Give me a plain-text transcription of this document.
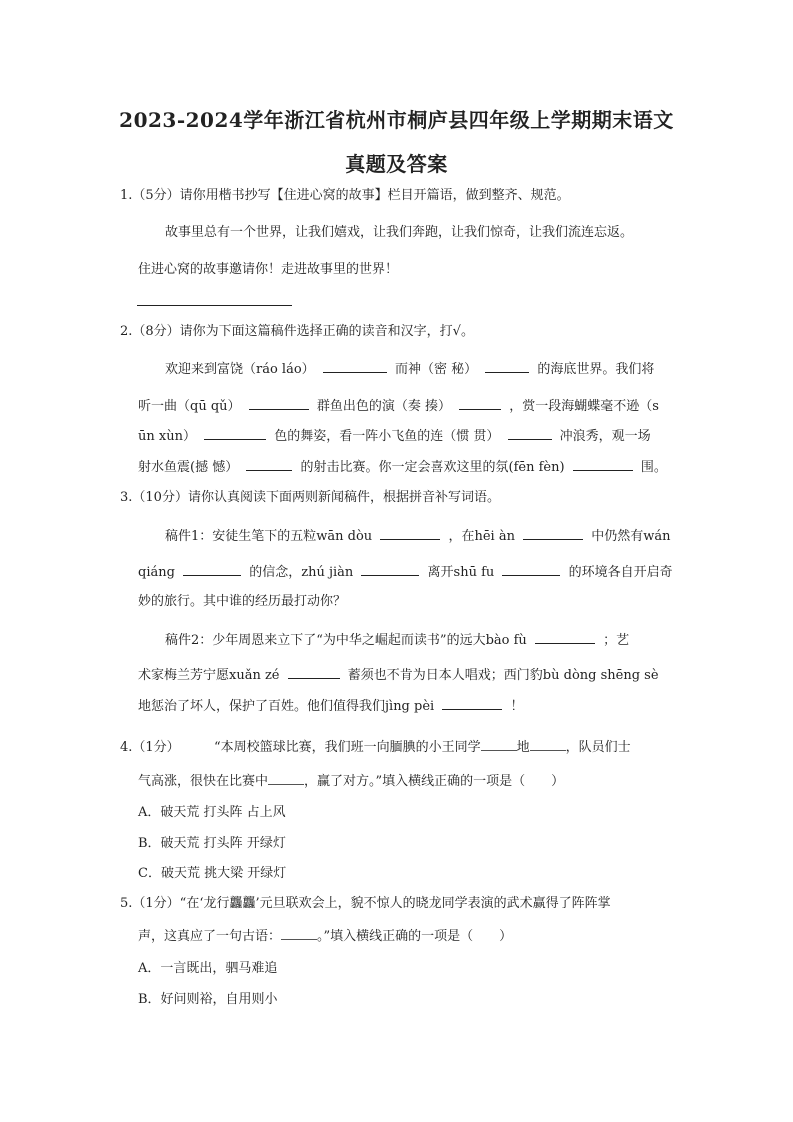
2023-2024学年浙江省杭州市桐庐县四年级上学期期末语文
真题及答案
1.（5分）请你用楷书抄写【住进心窝的故事】栏目开篇语，做到整齐、规范。
故事里总有一个世界，让我们嬉戏，让我们奔跑，让我们惊奇，让我们流连忘返。
住进心窝的故事邀请你！走进故事里的世界！
2.（8分）请你为下面这篇稿件选择正确的读音和汉字，打√。
欢迎来到富饶（ráo láo）	而神（密 秘）	的海底世界。我们将
听一曲（qū qǔ）	群鱼出色的演（奏 揍）	，赏一段海蝴蝶毫不逊（s
ūn xùn）	色的舞姿，看一阵小飞鱼的连（惯 贯）	冲浪秀，观一场
射水鱼震(撼 憾）	的射击比赛。你一定会喜欢这里的氛(fēn fèn)	围。
3.（10分）请你认真阅读下面两则新闻稿件，根据拼音补写词语。
稿件1：安徒生笔下的五粒wān dòu	，在hēi àn	中仍然有wán
qiáng	的信念，zhú jiàn	离开shū fu	的环境各自开启奇
妙的旅行。其中谁的经历最打动你？
稿件2：少年周恩来立下了“为中华之崛起而读书”的远大bào fù	；艺
术家梅兰芳宁愿xuǎn zé	蓄须也不肯为日本人唱戏；西门豹bù dòng shēng sè
地惩治了坏人，保护了百姓。他们值得我们jìng pèi	！
4.（1分）	“本周校篮球比赛，我们班一向腼腆的小王同学	地	，队员们士
气高涨，很快在比赛中	，赢了对方。”填入横线正确的一项是（　　）
A．破天荒 打头阵 占上风
B．破天荒 打头阵 开绿灯
C．破天荒 挑大梁 开绿灯
5.（1分）“在‘龙行龘龘’元旦联欢会上，貌不惊人的晓龙同学表演的武术赢得了阵阵掌
声，这真应了一句古语：	。”填入横线正确的一项是（　　）
A．一言既出，驷马难追
B．好问则裕，自用则小
